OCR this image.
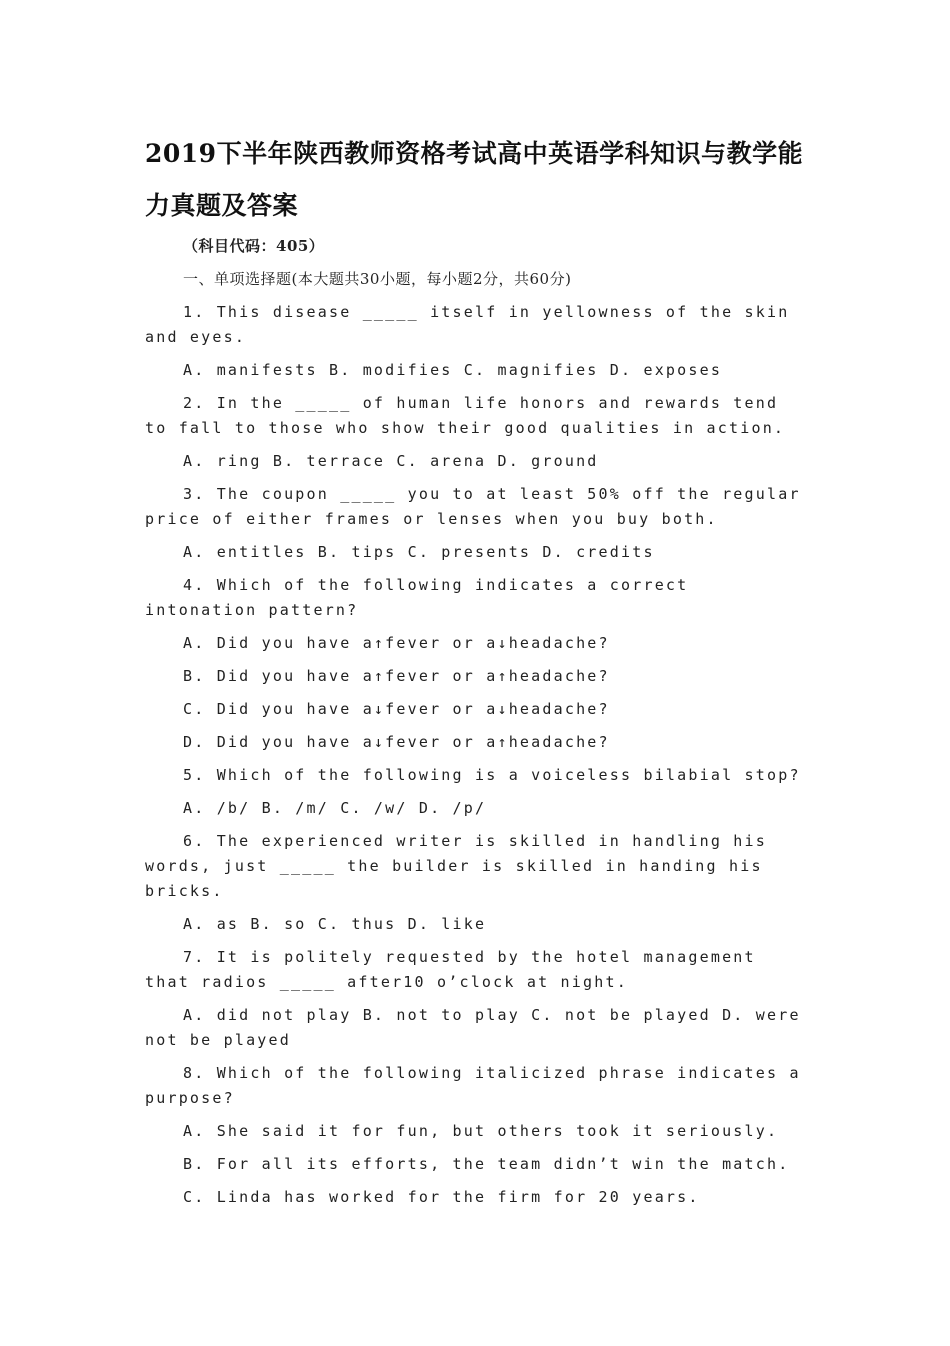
2019下半年陕西教师资格考试高中英语学科知识与教学能力真题及答案

（科目代码：405）

一、单项选择题(本大题共30小题，每小题2分，共60分)

1. This disease _____ itself in yellowness of the skin and eyes.

A. manifests B. modifies C. magnifies D. exposes

2. In the _____ of human life honors and rewards tend to fall to those who show their good qualities in action.

A. ring B. terrace C. arena D. ground

3. The coupon _____ you to at least 50% off the regular price of either frames or lenses when you buy both.

A. entitles B. tips C. presents D. credits

4. Which of the following indicates a correct intonation pattern?

A. Did you have a↑fever or a↓headache?

B. Did you have a↑fever or a↑headache?

C. Did you have a↓fever or a↓headache?

D. Did you have a↓fever or a↑headache?

5. Which of the following is a voiceless bilabial stop?

A. /b/ B. /m/ C. /w/ D. /p/

6. The experienced writer is skilled in handling his words, just _____ the builder is skilled in handing his bricks.

A. as B. so C. thus D. like

7. It is politely requested by the hotel management that radios _____ after10 o’clock at night.

A. did not play B. not to play C. not be played D. were not be played

8. Which of the following italicized phrase indicates a purpose?

A. She said it for fun, but others took it seriously.

B. For all its efforts, the team didn’t win the match.

C. Linda has worked for the firm for 20 years.
